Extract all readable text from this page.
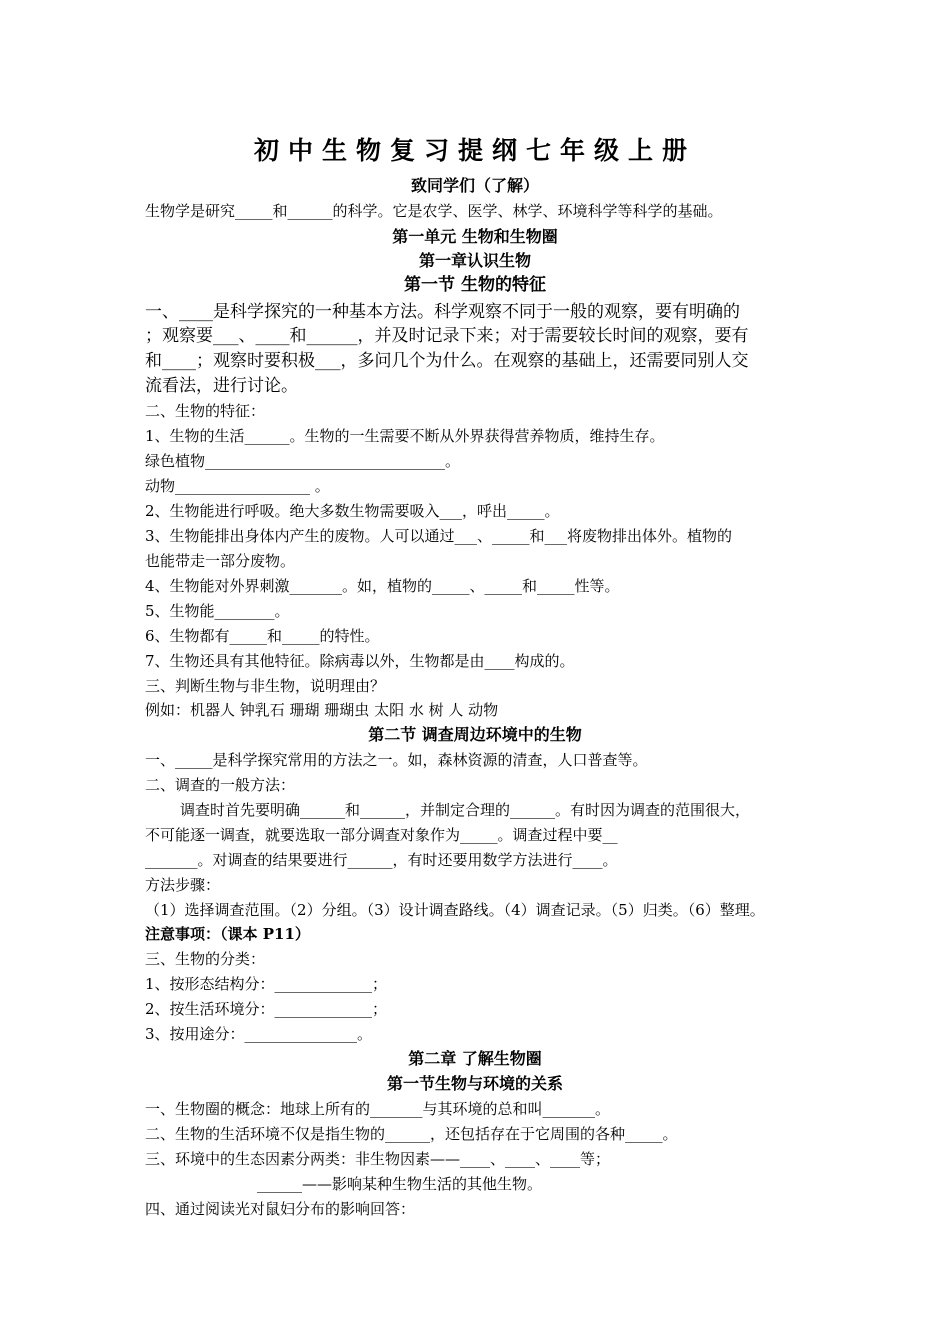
初中生物复习提纲七年级上册
致同学们（了解）
生物学是研究_____和______的科学。它是农学、医学、林学、环境科学等科学的基础。
第一单元 生物和生物圈
第一章认识生物
第一节 生物的特征
一、____是科学探究的一种基本方法。科学观察不同于一般的观察，要有明确的
；观察要___、____和______，并及时记录下来；对于需要较长时间的观察，要有
和____；观察时要积极___，多问几个为什么。在观察的基础上，还需要同别人交
流看法，进行讨论。
二、生物的特征：
1、生物的生活______。生物的一生需要不断从外界获得营养物质，维持生存。
绿色植物________________________________。
动物__________________ 。
2、生物能进行呼吸。绝大多数生物需要吸入___，呼出_____。
3、生物能排出身体内产生的废物。人可以通过___、_____和___将废物排出体外。植物的
也能带走一部分废物。
4、生物能对外界刺激_______。如，植物的_____、_____和_____性等。
5、生物能________。
6、生物都有_____和_____的特性。
7、生物还具有其他特征。除病毒以外，生物都是由____构成的。
三、判断生物与非生物，说明理由？
例如：机器人 钟乳石 珊瑚 珊瑚虫 太阳 水 树 人 动物
第二节 调查周边环境中的生物
一、_____是科学探究常用的方法之一。如，森林资源的清查，人口普查等。
二、调查的一般方法：
调查时首先要明确______和______，并制定合理的______。有时因为调查的范围很大，
不可能逐一调查，就要选取一部分调查对象作为_____。调查过程中要__
_______。对调查的结果要进行______，有时还要用数学方法进行____。
方法步骤：
（1）选择调查范围。（2）分组。（3）设计调查路线。（4）调查记录。（5）归类。（6）整理。
注意事项：（课本 P11）
三、生物的分类：
1、按形态结构分：_____________；
2、按生活环境分：_____________；
3、按用途分：_______________。
第二章 了解生物圈
第一节生物与环境的关系
一、生物圈的概念：地球上所有的_______与其环境的总和叫_______。
二、生物的生活环境不仅是指生物的______，还包括存在于它周围的各种_____。
三、环境中的生态因素分两类：非生物因素——____、____、____等；
______——影响某种生物生活的其他生物。
四、通过阅读光对鼠妇分布的影响回答：
